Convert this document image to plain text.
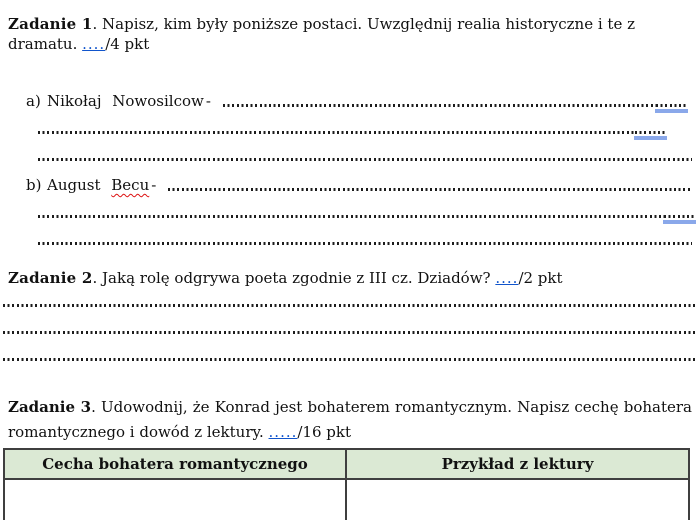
Zadanie 1. Napisz, kim były poniższe postaci. Uwzględnij realia historyczne i te z dramatu. ..../4 pkt

a) Nikołaj Nowosilcow -
b) August
Becu -

Zadanie 2. Jaką rolę odgrywa poeta zgodnie z III cz. Dziadów? ..../2 pkt

Zadanie 3. Udowodnij, że Konrad jest bohaterem romantycznym. Napisz cechę bohatera

romantycznego i dowód z lektury. ...../16 pkt

Cecha bohatera romantycznego	Przykład z lektury
